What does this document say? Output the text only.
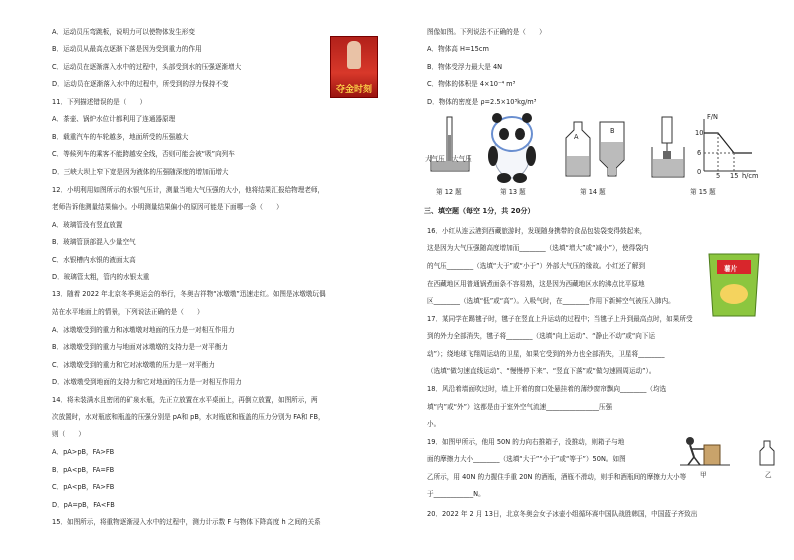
A．运动员压弯跳板，说明力可以使物体发生形变
B．运动员从最高点逐渐下落是因为受到重力的作用
C．运动员在逐渐落入水中的过程中，头部受到水的压强逐渐增大
D．运动员在逐渐落入水中的过程中，所受到的浮力保持不变
11．下列描述错误的是（　　）
A．茶壶、锅炉水位计都利用了连通器原理
B．载重汽车的车轮越多，地面所受的压强越大
C．等候列车的乘客不能跨越安全线，否则可能会被“吸”向列车
D．三峡大坝上窄下宽是因为液体的压强随深度的增加而增大
12．小明利用如图所示的水银气压计，测量当地大气压强的大小，他将结果汇报给物理老师，
老师告诉他测量结果偏小。小明测量结果偏小的原因可能是下面哪一条（　　）
A．玻璃管没有竖直放置
B．玻璃管顶部混入少量空气
C．水银槽内水银的液面太高
D．玻璃管太粗，管内的水银太重
13．随着 2022 年北京冬季奥运会的举行，冬奥吉祥物“冰墩墩”迅速走红。如图是冰墩墩玩偶
站在水平地面上的情景，下列说法正确的是（　　）
A．冰墩墩受到的重力和冰墩墩对地面的压力是一对相互作用力
B．冰墩墩受到的重力与地面对冰墩墩的支持力是一对平衡力
C．冰墩墩受到的重力和它对冰墩墩的压力是一对平衡力
D．冰墩墩受到地面的支持力和它对地面的压力是一对相互作用力
14．将未装满水且密闭的矿泉水瓶，先正立放置在水平桌面上，再倒立放置，如图所示，两
次放置时，水对瓶底和瓶盖的压强分别是 pA和 pB，水对瓶底和瓶盖的压力分别为 FA和 FB，
则（　　）
A．pA>pB，FA>FB
B．pA<pB，FA=FB
C．pA<pB，FA>FB
D．pA=pB，FA<FB
15．如图所示，将重物逐渐浸入水中的过程中，测力计示数 F 与物体下降高度 h 之间的关系
夺金时刻
图像如图。下列说法不正确的是（　　）
A．物体高 H=15cm
B．物体受浮力最大是 4N
C．物体的体积是 4×10⁻⁴ m³
D．物体的密度是 ρ=2.5×10³kg/m³
三、填空题（每空 1分，共 20分）
16．小红从连云港到西藏旅游时，发现随身携带的食品包装袋变得鼓起来，
这是因为大气压强随高度增加而________（选填“增大”或“减小”），使得袋内
的气压________（选填“大于”或“小于”）外部大气压的缘故。小红还了解到
在西藏地区用普通锅煮面条不容易熟，这是因为西藏地区水的沸点比平原地
区________（选填“低”或“高”）。入吸气时，在________作用下新鲜空气被压入肺内。
17．某同学在踢毽子时，毽子在竖直上升运动的过程中；当毽子上升到最高点时，如果所受
到的外力全部消失，毽子将________（选填“向上运动”、“静止不动”或“向下运
动”）；绕地球飞翔周运动的卫星，如果它受到的外力也全部消失，卫星将________
（选填“做匀速直线运动”、“慢慢停下来”、“竖直下落”或“做匀速圆周运动”）。
18．风沿着墙面吹过时，墙上开着的窗口处悬挂着的薄纱窗帘飘向________（均选
填“内”或“外”）这都是由于室外空气流速________________压强
小。
19．如图甲所示，他用 50N 的力向右推箱子，没推动，则箱子与地
面的摩擦力大小________（选填“大于”“小于”或“等于”）50N。如图
乙所示，用 40N 的力握住手重 20N 的酒瓶，酒瓶不滑动，则手和酒瓶间的摩擦力大小等
于____________N。
20．2022 年 2 月 13日，北京冬奥会女子冰壶小组循环赛中国队战胜韩国，中国蓝子齐致出
大气压 大气压
A
B
F/N
h/cm
10
6
0 5 15
第 12 题	第 13 题	第 14 题	第 15 题
薯片
甲	乙
